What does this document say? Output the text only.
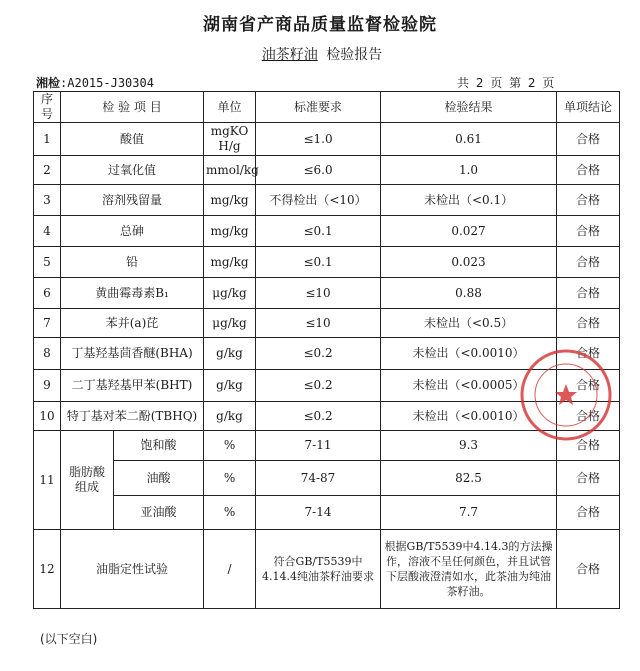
湖南省产商品质量监督检验院
油茶籽油 检验报告
湘检:A2015-J30304	共 2 页 第 2 页
序号	检 验 项 目		单位	标准要求	检验结果	单项结论
1	酸值		mgKOH/g	≤1.0	0.61	合格
2	过氧化值		mmol/kg	≤6.0	1.0	合格
3	溶剂残留量		mg/kg	不得检出（<10）	未检出（<0.1）	合格
4	总砷		mg/kg	≤0.1	0.027	合格
5	铅		mg/kg	≤0.1	0.023	合格
6	黄曲霉毒素B₁		μg/kg	≤10	0.88	合格
7	苯并(a)芘		μg/kg	≤10	未检出（<0.5）	合格
8	丁基羟基茴香醚(BHA)		g/kg	≤0.2	未检出（<0.0010）	合格
9	二丁基羟基甲苯(BHT)		g/kg	≤0.2	未检出（<0.0005）	合格
10	特丁基对苯二酚(TBHQ)		g/kg	≤0.2	未检出（<0.0010）	合格
11	脂肪酸组成	饱和酸	%	7-11	9.3	合格
		油酸	%	74-87	82.5	合格
		亚油酸	%	7-14	7.7	合格
12	油脂定性试验		/	符合GB/T5539中4.14.4纯油茶籽油要求	根据GB/T5539中4.14.3的方法操作，溶液不呈任何颜色，并且试管下层酸液澄清如水，此茶油为纯油茶籽油。	合格
(以下空白)
